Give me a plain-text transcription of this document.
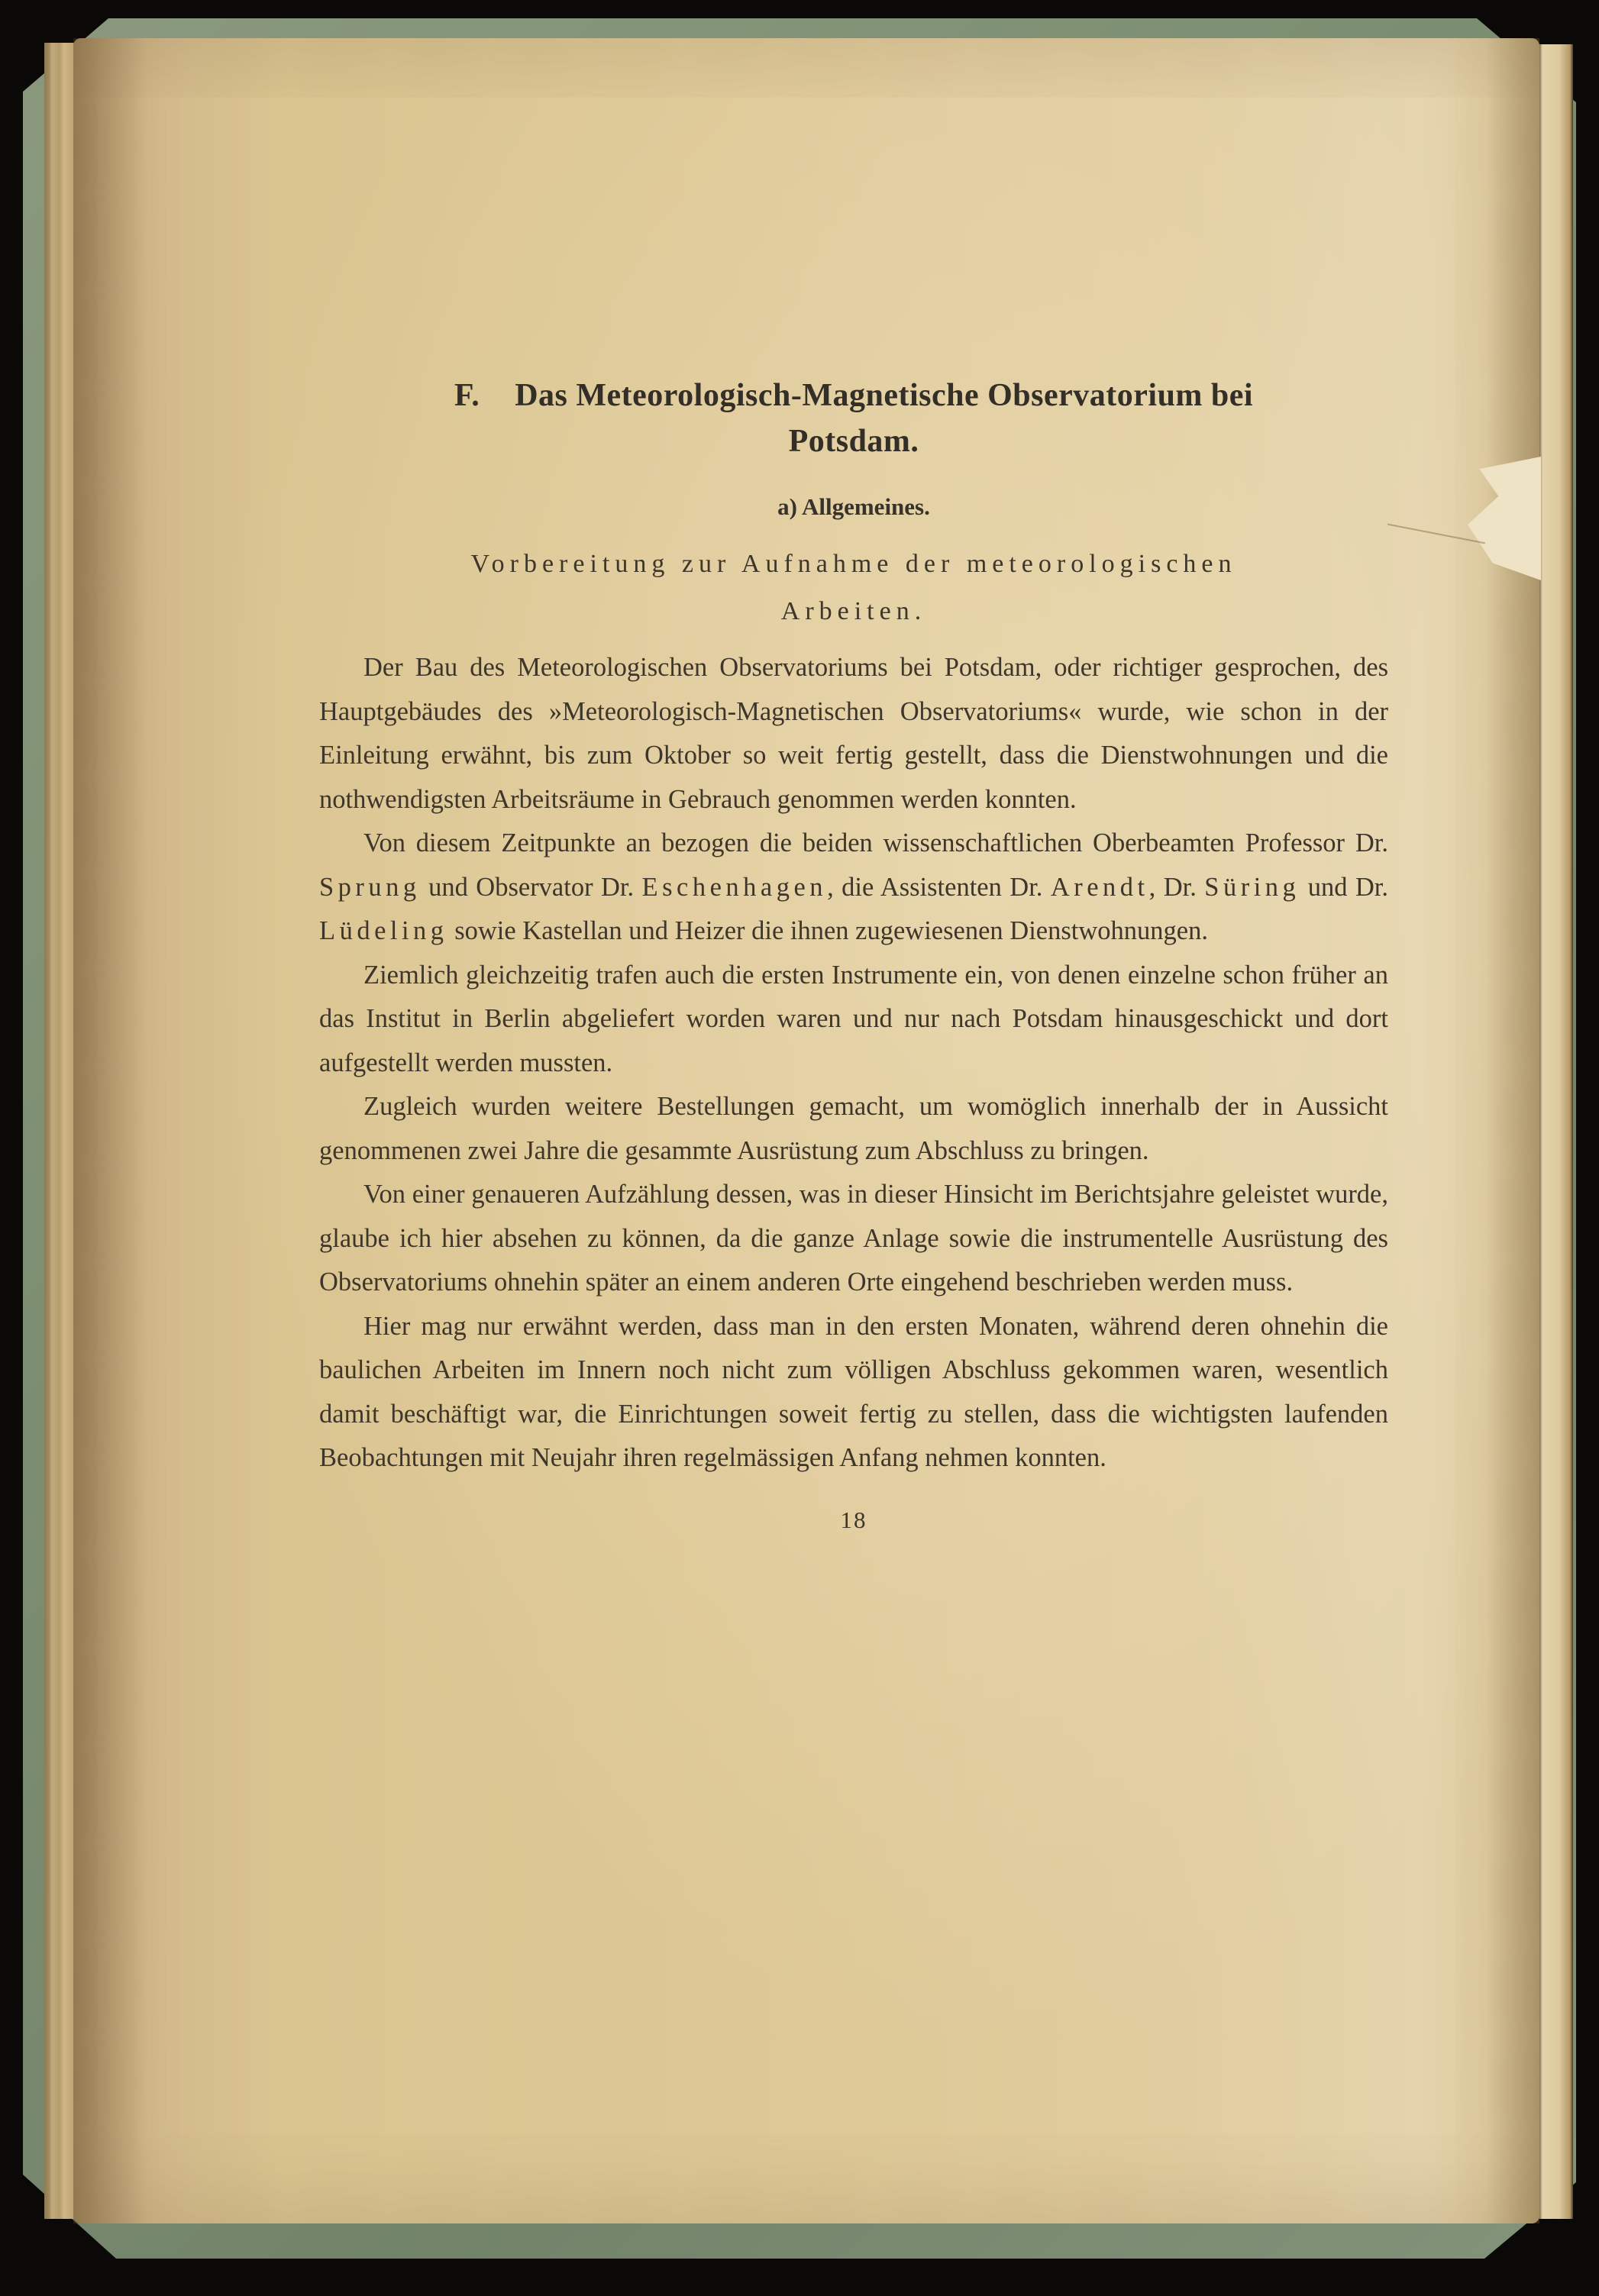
F. Das Meteorologisch-Magnetische Observatorium bei
Potsdam.
a) Allgemeines.
Vorbereitung zur Aufnahme der meteorologischen
Arbeiten.

Der Bau des Meteorologischen Observatoriums bei Potsdam, oder richtiger gesprochen, des Hauptgebäudes des »Meteorologisch-Magnetischen Observatoriums« wurde, wie schon in der Einleitung erwähnt, bis zum Oktober so weit fertig gestellt, dass die Dienstwohnungen und die nothwendigsten Arbeitsräume in Gebrauch genommen werden konnten.

Von diesem Zeitpunkte an bezogen die beiden wissenschaftlichen Oberbeamten Professor Dr. Sprung und Observator Dr. Eschenhagen, die Assistenten Dr. Arendt, Dr. Süring und Dr. Lüdeling sowie Kastellan und Heizer die ihnen zugewiesenen Dienstwohnungen.

Ziemlich gleichzeitig trafen auch die ersten Instrumente ein, von denen einzelne schon früher an das Institut in Berlin abgeliefert worden waren und nur nach Potsdam hinausgeschickt und dort aufgestellt werden mussten.

Zugleich wurden weitere Bestellungen gemacht, um womöglich innerhalb der in Aussicht genommenen zwei Jahre die gesammte Ausrüstung zum Abschluss zu bringen.

Von einer genaueren Aufzählung dessen, was in dieser Hinsicht im Berichtsjahre geleistet wurde, glaube ich hier absehen zu können, da die ganze Anlage sowie die instrumentelle Ausrüstung des Observatoriums ohnehin später an einem anderen Orte eingehend beschrieben werden muss.

Hier mag nur erwähnt werden, dass man in den ersten Monaten, während deren ohnehin die baulichen Arbeiten im Innern noch nicht zum völligen Abschluss gekommen waren, wesentlich damit beschäftigt war, die Einrichtungen soweit fertig zu stellen, dass die wichtigsten laufenden Beobachtungen mit Neujahr ihren regelmässigen Anfang nehmen konnten.

18
